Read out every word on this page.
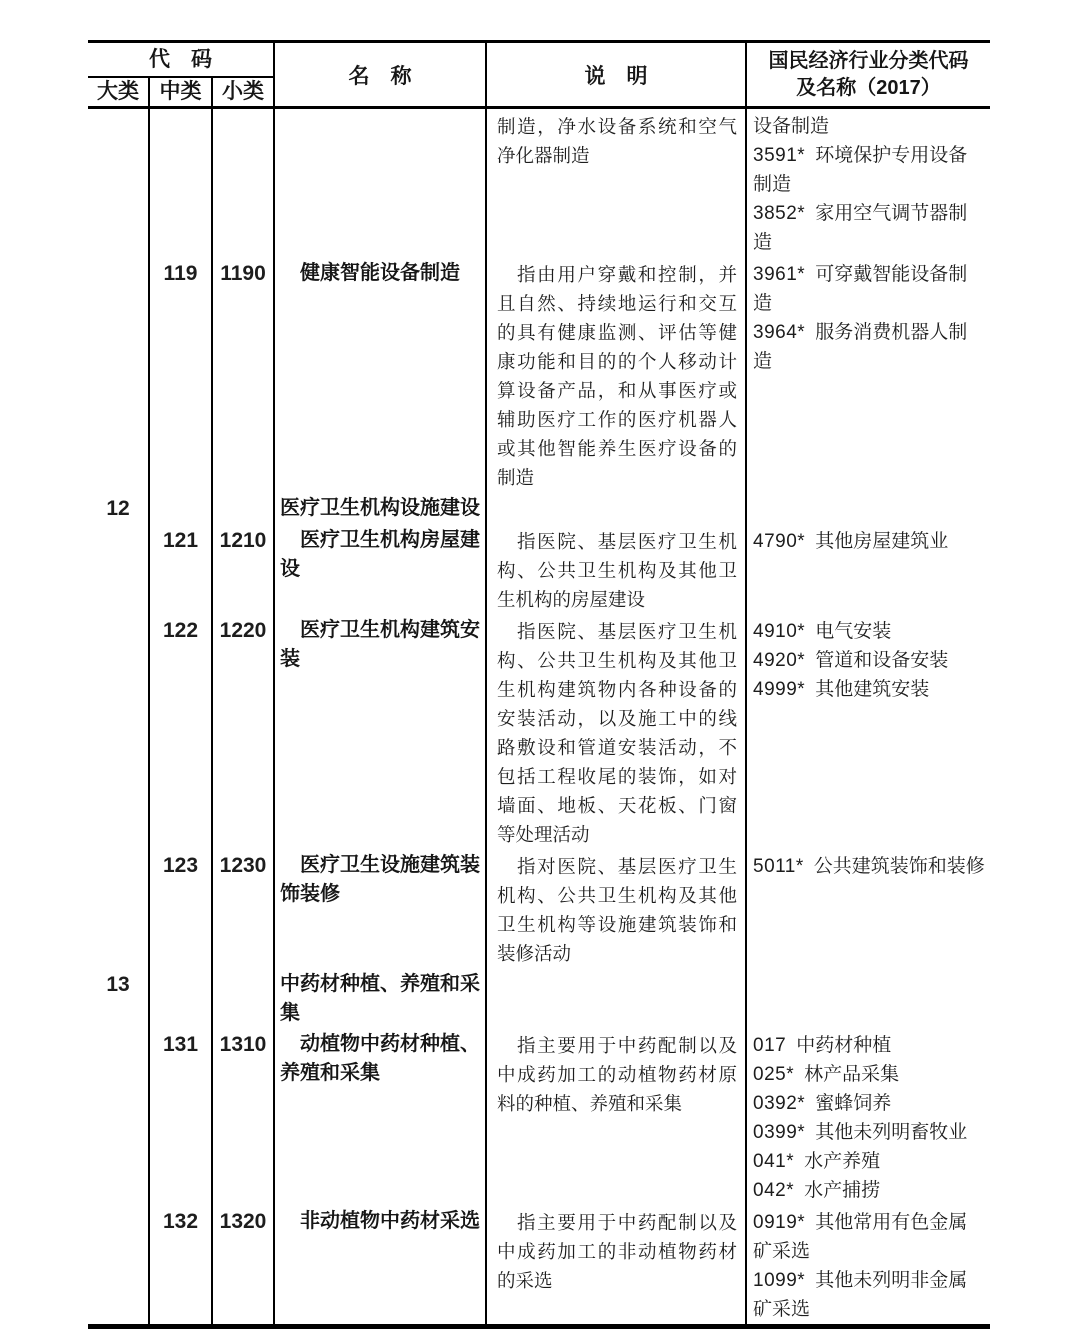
代　码			名　称	说　明	国民经济行业分类代码
及名称（2017）

大类	中类	小类			
				制造，净水设备系统和空气净化器制造	设备制造

3591* 环境保护专用设备制造

3852* 家用空气调节器制造

	119	1190	健康智能设备制造	指由用户穿戴和控制，并且自然、持续地运行和交互的具有健康监测、评估等健康功能和目的的个人移动计算设备产品，和从事医疗或辅助医疗工作的医疗机器人或其他智能养生医疗设备的制造	3961* 可穿戴智能设备制造

3964* 服务消费机器人制造

12			医疗卫生机构设施建设		
	121	1210	医疗卫生机构房屋建设	指医院、基层医疗卫生机构、公共卫生机构及其他卫生机构的房屋建设	4790* 其他房屋建筑业

	122	1220	医疗卫生机构建筑安装	指医院、基层医疗卫生机构、公共卫生机构及其他卫生机构建筑物内各种设备的安装活动，以及施工中的线路敷设和管道安装活动，不包括工程收尾的装饰，如对墙面、地板、天花板、门窗等处理活动	4910* 电气安装

4920* 管道和设备安装

4999* 其他建筑安装

	123	1230	医疗卫生设施建筑装饰装修	指对医院、基层医疗卫生机构、公共卫生机构及其他卫生机构等设施建筑装饰和装修活动	5011* 公共建筑装饰和装修

13			中药材种植、养殖和采集		
	131	1310	动植物中药材种植、养殖和采集	指主要用于中药配制以及中成药加工的动植物药材原料的种植、养殖和采集	

017 中药材种植

025* 林产品采集

0392* 蜜蜂饲养

0399* 其他未列明畜牧业

041* 水产养殖

042* 水产捕捞

	132	1320	非动植物中药材采选	指主要用于中药配制以及中成药加工的非动植物药材的采选	0919* 其他常用有色金属矿采选

1099* 其他未列明非金属矿采选
